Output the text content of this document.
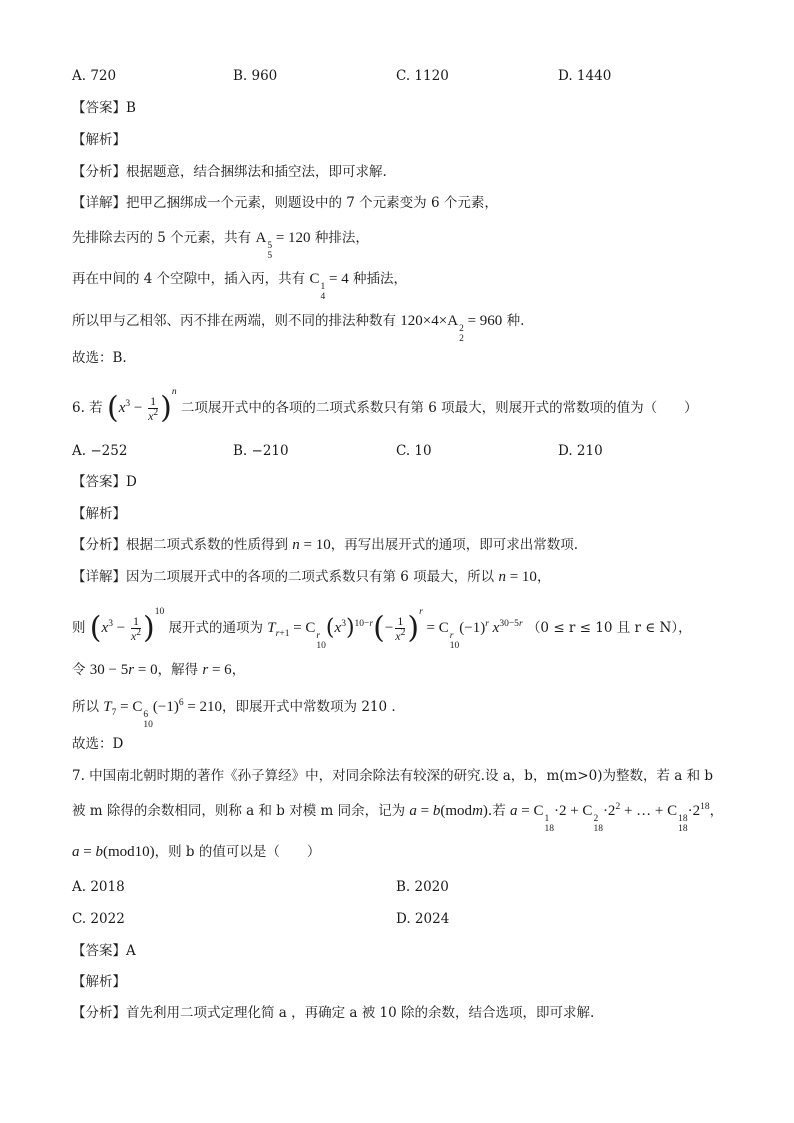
A. 720	B. 960	C. 1120	D. 1440
【答案】B
【解析】
【分析】根据题意，结合捆绑法和插空法，即可求解.
【详解】把甲乙捆绑成一个元素，则题设中的 7 个元素变为 6 个元素，
先排除去丙的 5 个元素，共有 A 5
5
= 120 种排法，
再在中间的 4 个空隙中，插入丙，共有 C 1
4
= 4 种插法，
所以甲与乙相邻、丙不排在两端，则不同的排法种数有 120×4×A 2
2
= 960 种.
故选：B.
6. 若 $(x^3 - \frac{1}{x^2} )^n$ 二项展开式中的各项的二项式系数只有第 6 项最大，则展开式的常数项的值为（　　）
A. −252	B. −210	C. 10	D. 210
【答案】D
【解析】
【分析】根据二项式系数的性质得到 n = 10，再写出展开式的通项，即可求出常数项.
【详解】因为二项展开式中的各项的二项式系数只有第 6 项最大，所以 n = 10，
则 $(x^3 - \frac{1}{x^2} )^{10}$ 展开式的通项为 $T_{r+1} = C$ r
10
$(x^3)^{10-r}(- \frac{1}{x^2} )^r = C$ r
10
$(-1)^r$ $x^{30-5r}$ （0 ≤ r ≤ 10 且 r ∈ N），
令 30 − 5r = 0，解得 r = 6，
所以 $T_7 = C$ 6
10
$(-1)^6 = 210$，即展开式中常数项为 210 .
故选：D
7. 中国南北朝时期的著作《孙子算经》中，对同余除法有较深的研究.设 a，b，m(m>0)为整数，若 a 和 b
被 m 除得的余数相同，则称 a 和 b 对模 m 同余，记为 a = b(modm).若 a = C 1
18
·2 + C 2
18
$\cdot 2^2$ + … + C 18
18
$\cdot 2^{18}$，
a = b(mod10)，则 b 的值可以是（　　）
A. 2018	B. 2020
C. 2022	D. 2024
【答案】A
【解析】
【分析】首先利用二项式定理化简 a ，再确定 a 被 10 除的余数，结合选项，即可求解.
